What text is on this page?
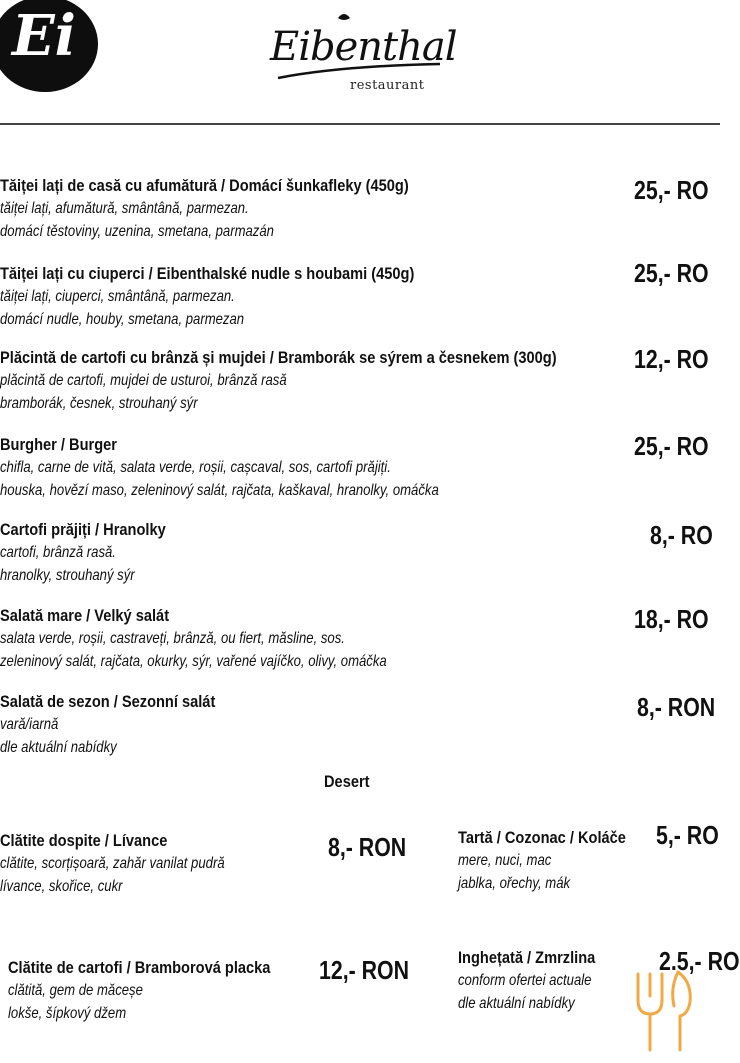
Ei	Eibenthal
restaurant
Tăiței lați de casă cu afumătură / Domácí šunkafleky (450g)
tăiței lați, afumătură, smântână, parmezan.
domácí těstoviny, uzenina, smetana, parmazán
25,- RO
Tăiței lați cu ciuperci / Eibenthalské nudle s houbami (450g)
tăiței lați, ciuperci, smântână, parmezan.
domácí nudle, houby, smetana, parmezan
25,- RO
Plăcintă de cartofi cu brânză și mujdei / Bramborák se sýrem a česnekem (300g)
plăcintă de cartofi, mujdei de usturoi, brânză rasă
bramborák, česnek, strouhaný sýr
12,- RO
Burgher / Burger
chifla, carne de vită, salata verde, roșii, cașcaval, sos, cartofi prăjiți.
houska, hovězí maso, zeleninový salát, rajčata, kaškaval, hranolky, omáčka
25,- RO
Cartofi prăjiți / Hranolky
cartofi, brânză rasă.
hranolky, strouhaný sýr
8,- RO
Salată mare / Velký salát
salata verde, roșii, castraveți, brânză, ou fiert, măsline, sos.
zeleninový salát, rajčata, okurky, sýr, vařené vajíčko, olivy, omáčka
18,- RO
Salată de sezon / Sezonní salát
vară/iarnă
dle aktuální nabídky
8,- RON
Desert
Clătite dospite / Lívance
clătite, scorțișoară, zahăr vanilat pudră
lívance, skořice, cukr
8,- RON	Tartă / Cozonac / Koláče
mere, nuci, mac
jablka, ořechy, mák
5,- RO
Clătite de cartofi / Bramborová placka
clătită, gem de măceșe
lokše, šípkový džem
12,- RON	Inghețată / Zmrzlina
conform ofertei actuale
dle aktuální nabídky
2.5,- RO
